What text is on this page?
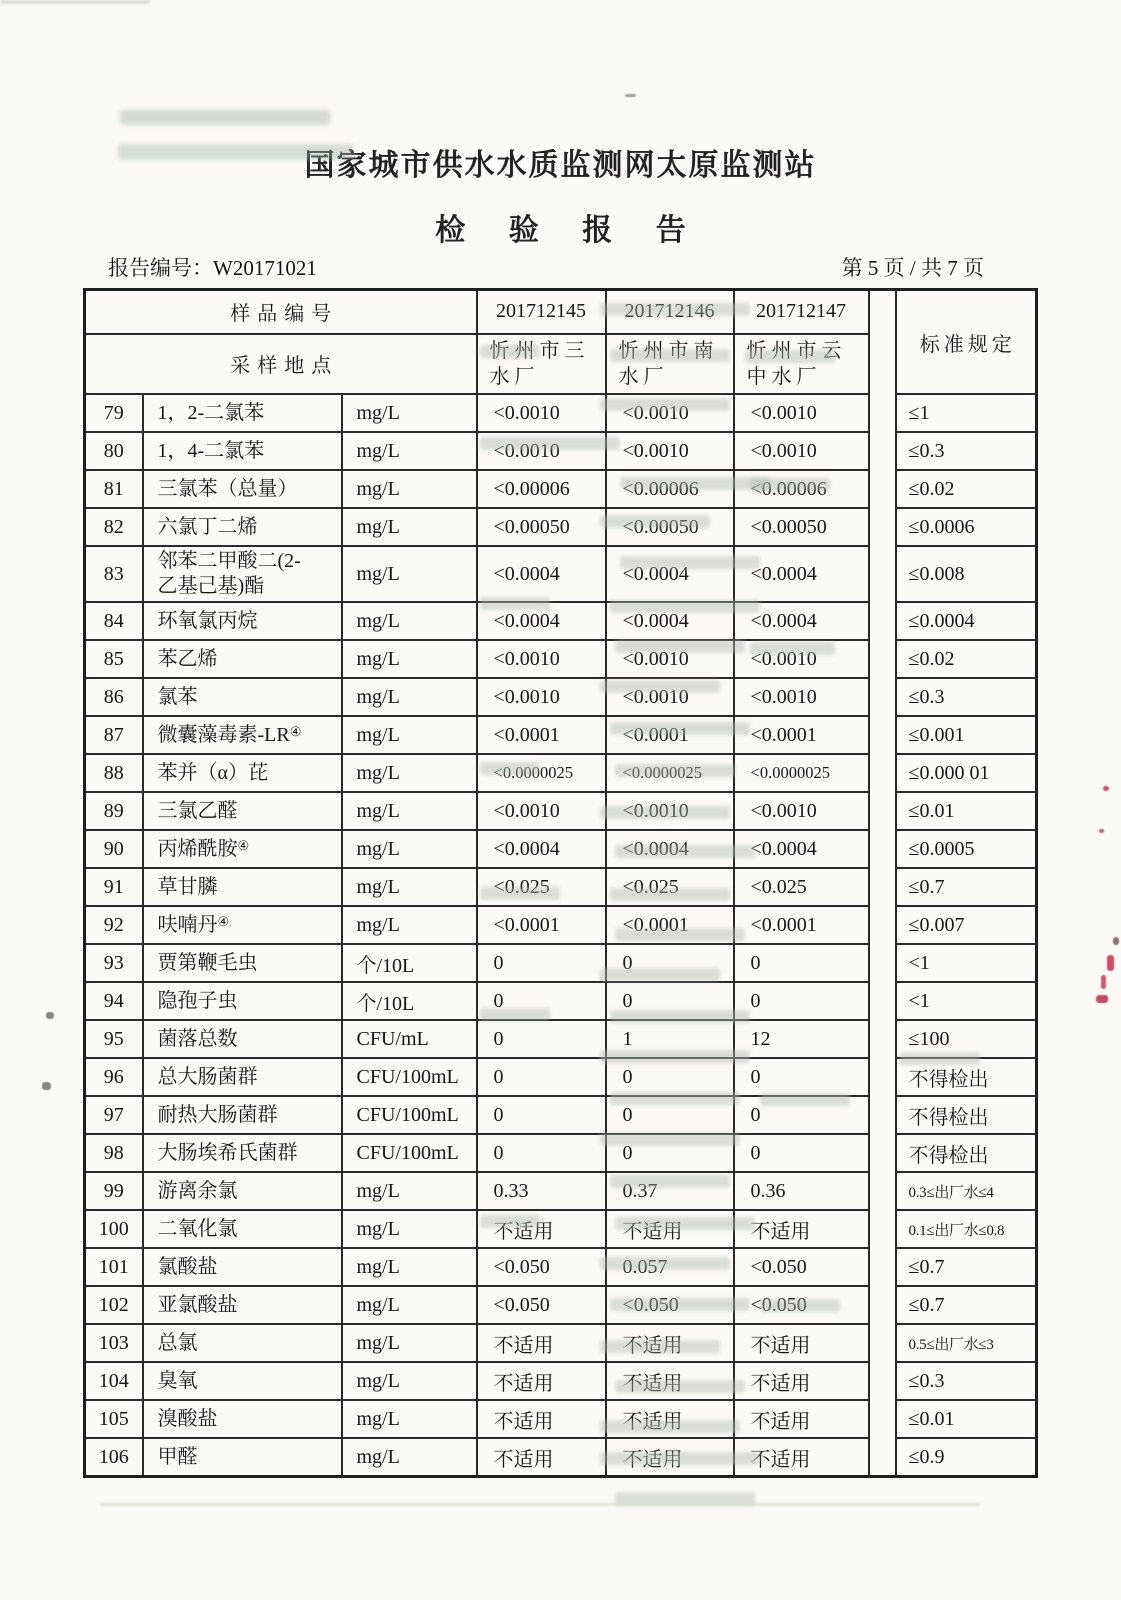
国家城市供水水质监测网太原监测站
检 验 报 告
报告编号：W20171021	第 5 页 / 共 7 页
样品编号			201712145	201712146	201712147		标准规定
采样地点			忻州市三水厂	忻州市南水厂	忻州市云中水厂		
79	1，2-二氯苯	mg/L	<0.0010	<0.0010	<0.0010		≤1
80	1，4-二氯苯	mg/L	<0.0010	<0.0010	<0.0010		≤0.3
81	三氯苯（总量）	mg/L	<0.00006	<0.00006	<0.00006		≤0.02
82	六氯丁二烯	mg/L	<0.00050	<0.00050	<0.00050		≤0.0006
83	邻苯二甲酸二(2-乙基己基)酯	mg/L	<0.0004	<0.0004	<0.0004		≤0.008
84	环氧氯丙烷	mg/L	<0.0004	<0.0004	<0.0004		≤0.0004
85	苯乙烯	mg/L	<0.0010	<0.0010	<0.0010		≤0.02
86	氯苯	mg/L	<0.0010	<0.0010	<0.0010		≤0.3
87	微囊藻毒素-LR④	mg/L	<0.0001	<0.0001	<0.0001		≤0.001
88	苯并（α）芘	mg/L	<0.0000025	<0.0000025	<0.0000025		≤0.000 01
89	三氯乙醛	mg/L	<0.0010	<0.0010	<0.0010		≤0.01
90	丙烯酰胺④	mg/L	<0.0004	<0.0004	<0.0004		≤0.0005
91	草甘膦	mg/L	<0.025	<0.025	<0.025		≤0.7
92	呋喃丹④	mg/L	<0.0001	<0.0001	<0.0001		≤0.007
93	贾第鞭毛虫	个/10L	0	0	0		<1
94	隐孢子虫	个/10L	0	0	0		<1
95	菌落总数	CFU/mL	0	1	12		≤100
96	总大肠菌群	CFU/100mL	0	0	0		不得检出
97	耐热大肠菌群	CFU/100mL	0	0	0		不得检出
98	大肠埃希氏菌群	CFU/100mL	0	0	0		不得检出
99	游离余氯	mg/L	0.33	0.37	0.36		0.3≤出厂水≤4
100	二氧化氯	mg/L	不适用	不适用	不适用		0.1≤出厂水≤0.8
101	氯酸盐	mg/L	<0.050	0.057	<0.050		≤0.7
102	亚氯酸盐	mg/L	<0.050	<0.050	<0.050		≤0.7
103	总氯	mg/L	不适用	不适用	不适用		0.5≤出厂水≤3
104	臭氧	mg/L	不适用	不适用	不适用		≤0.3
105	溴酸盐	mg/L	不适用	不适用	不适用		≤0.01
106	甲醛	mg/L	不适用	不适用	不适用		≤0.9
